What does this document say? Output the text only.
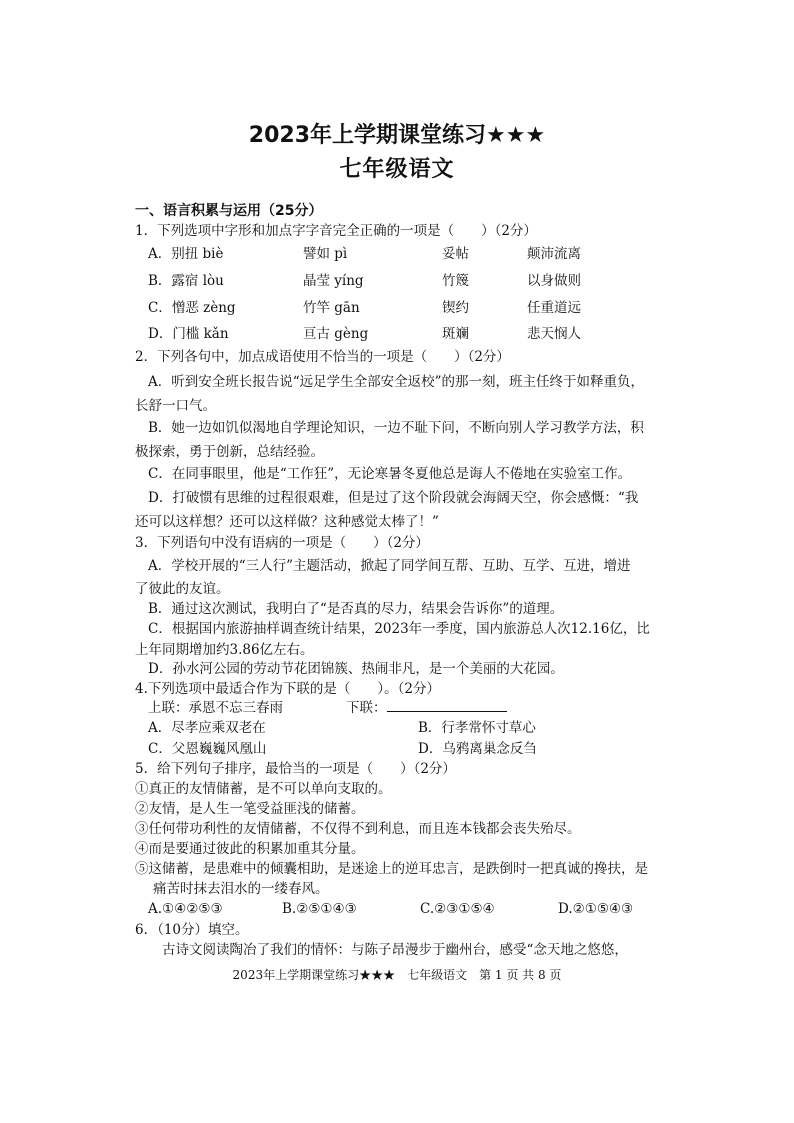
2023年上学期课堂练习★★★
七年级语文
一、语言积累与运用（25分）
1．下列选项中字形和加点字字音完全正确的一项是（　　）（2分）
A．别扭 biè	譬如 pì	妥帖	颠沛流离
B．露宿 lòu	晶莹 yíng	竹篾	以身做则
C．憎恶 zèng	竹竿 gān	锲约	任重道远
D．门槛 kǎn	亘古 gèng	斑斓	悲天悯人
2．下列各句中，加点成语使用不恰当的一项是（　　）（2分）
A．听到安全班长报告说“远足学生全部安全返校”的那一刻，班主任终于如释重负，
长舒一口气。
B．她一边如饥似渴地自学理论知识，一边不耻下问，不断向别人学习教学方法，积
极探索，勇于创新，总结经验。
C．在同事眼里，他是“工作狂”，无论寒暑冬夏他总是诲人不倦地在实验室工作。
D．打破惯有思维的过程很艰难，但是过了这个阶段就会海阔天空，你会感慨：“我
还可以这样想？还可以这样做？这种感觉太棒了！”
3．下列语句中没有语病的一项是（　　）（2分）
A．学校开展的“三人行”主题活动，掀起了同学间互帮、互助、互学、互进，增进
了彼此的友谊。
B．通过这次测试，我明白了“是否真的尽力，结果会告诉你”的道理。
C．根据国内旅游抽样调查统计结果，2023年一季度，国内旅游总人次12.16亿，比
上年同期增加约3.86亿左右。
D．孙水河公园的劳动节花团锦簇、热闹非凡，是一个美丽的大花园。
4.下列选项中最适合作为下联的是（　　）。（2分）
上联：承恩不忘三春雨	下联：
A．尽孝应乘双老在	B．行孝常怀寸草心
C．父恩巍巍风凰山	D．乌鸦离巢念反刍
5．给下列句子排序，最恰当的一项是（　　）（2分）
①真正的友情储蓄，是不可以单向支取的。
②友情，是人生一笔受益匪浅的储蓄。
③任何带功利性的友情储蓄，不仅得不到利息，而且连本钱都会丧失殆尽。
④而是要通过彼此的积累加重其分量。
⑤这储蓄，是患难中的倾囊相助，是迷途上的逆耳忠言，是跌倒时一把真诚的搀扶，是
痛苦时抹去泪水的一缕春风。
A.①④②⑤③	B.②⑤①④③	C.②③①⑤④	D.②①⑤④③
6．（10分）填空。
古诗文阅读陶冶了我们的情怀：与陈子昂漫步于幽州台，感受“念天地之悠悠，
2023年上学期课堂练习★★★　七年级语文　第 1 页 共 8 页
